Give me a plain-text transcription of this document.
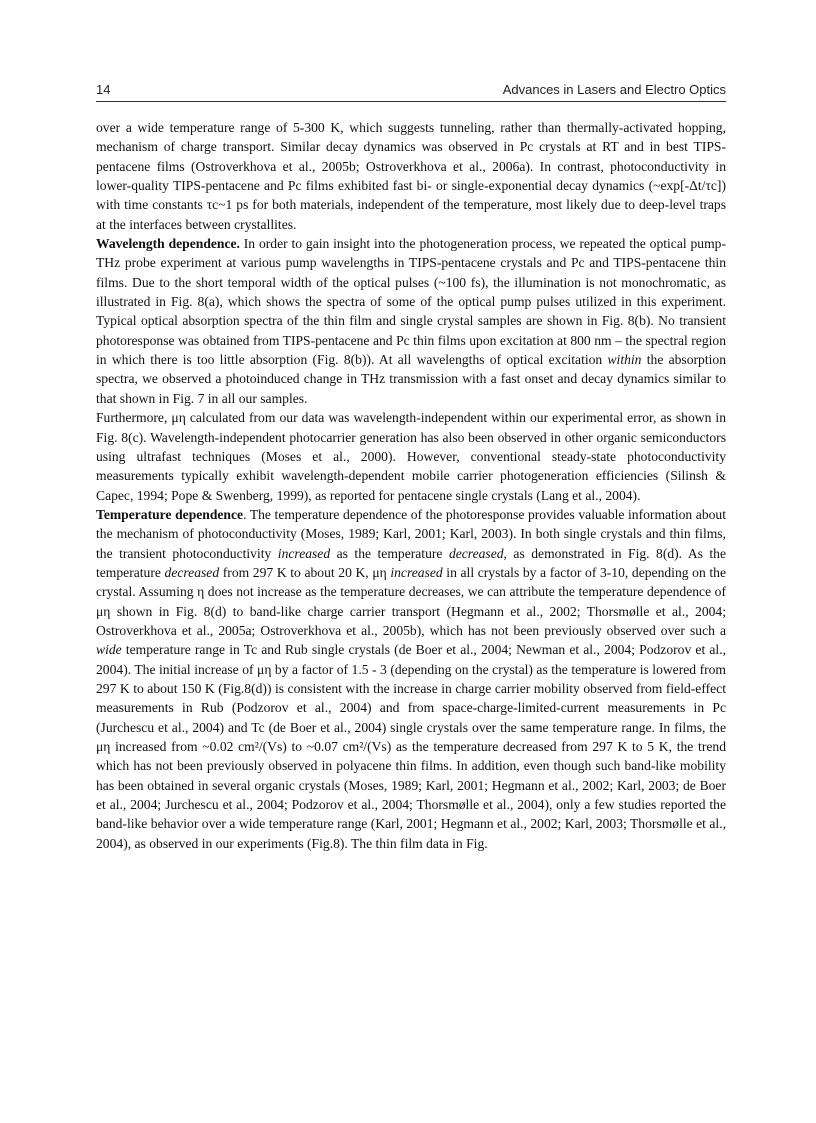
14	Advances in Lasers and Electro Optics

over a wide temperature range of 5-300 K, which suggests tunneling, rather than thermally-activated hopping, mechanism of charge transport. Similar decay dynamics was observed in Pc crystals at RT and in best TIPS-pentacene films (Ostroverkhova et al., 2005b; Ostroverkhova et al., 2006a). In contrast, photoconductivity in lower-quality TIPS-pentacene and Pc films exhibited fast bi- or single-exponential decay dynamics (~exp[-Δt/τc]) with time constants τc~1 ps for both materials, independent of the temperature, most likely due to deep-level traps at the interfaces between crystallites.

Wavelength dependence. In order to gain insight into the photogeneration process, we repeated the optical pump-THz probe experiment at various pump wavelengths in TIPS-pentacene crystals and Pc and TIPS-pentacene thin films. Due to the short temporal width of the optical pulses (~100 fs), the illumination is not monochromatic, as illustrated in Fig. 8(a), which shows the spectra of some of the optical pump pulses utilized in this experiment. Typical optical absorption spectra of the thin film and single crystal samples are shown in Fig. 8(b). No transient photoresponse was obtained from TIPS-pentacene and Pc thin films upon excitation at 800 nm – the spectral region in which there is too little absorption (Fig. 8(b)). At all wavelengths of optical excitation within the absorption spectra, we observed a photoinduced change in THz transmission with a fast onset and decay dynamics similar to that shown in Fig. 7 in all our samples.

Furthermore, μη calculated from our data was wavelength-independent within our experimental error, as shown in Fig. 8(c). Wavelength-independent photocarrier generation has also been observed in other organic semiconductors using ultrafast techniques (Moses et al., 2000). However, conventional steady-state photoconductivity measurements typically exhibit wavelength-dependent mobile carrier photogeneration efficiencies (Silinsh & Capec, 1994; Pope & Swenberg, 1999), as reported for pentacene single crystals (Lang et al., 2004).

Temperature dependence. The temperature dependence of the photoresponse provides valuable information about the mechanism of photoconductivity (Moses, 1989; Karl, 2001; Karl, 2003). In both single crystals and thin films, the transient photoconductivity increased as the temperature decreased, as demonstrated in Fig. 8(d). As the temperature decreased from 297 K to about 20 K, μη increased in all crystals by a factor of 3-10, depending on the crystal. Assuming η does not increase as the temperature decreases, we can attribute the temperature dependence of μη shown in Fig. 8(d) to band-like charge carrier transport (Hegmann et al., 2002; Thorsmølle et al., 2004; Ostroverkhova et al., 2005a; Ostroverkhova et al., 2005b), which has not been previously observed over such a wide temperature range in Tc and Rub single crystals (de Boer et al., 2004; Newman et al., 2004; Podzorov et al., 2004). The initial increase of μη by a factor of 1.5 - 3 (depending on the crystal) as the temperature is lowered from 297 K to about 150 K (Fig.8(d)) is consistent with the increase in charge carrier mobility observed from field-effect measurements in Rub (Podzorov et al., 2004) and from space-charge-limited-current measurements in Pc (Jurchescu et al., 2004) and Tc (de Boer et al., 2004) single crystals over the same temperature range. In films, the μη increased from ~0.02 cm²/(Vs) to ~0.07 cm²/(Vs) as the temperature decreased from 297 K to 5 K, the trend which has not been previously observed in polyacene thin films. In addition, even though such band-like mobility has been obtained in several organic crystals (Moses, 1989; Karl, 2001; Hegmann et al., 2002; Karl, 2003; de Boer et al., 2004; Jurchescu et al., 2004; Podzorov et al., 2004; Thorsmølle et al., 2004), only a few studies reported the band-like behavior over a wide temperature range (Karl, 2001; Hegmann et al., 2002; Karl, 2003; Thorsmølle et al., 2004), as observed in our experiments (Fig.8). The thin film data in Fig.
